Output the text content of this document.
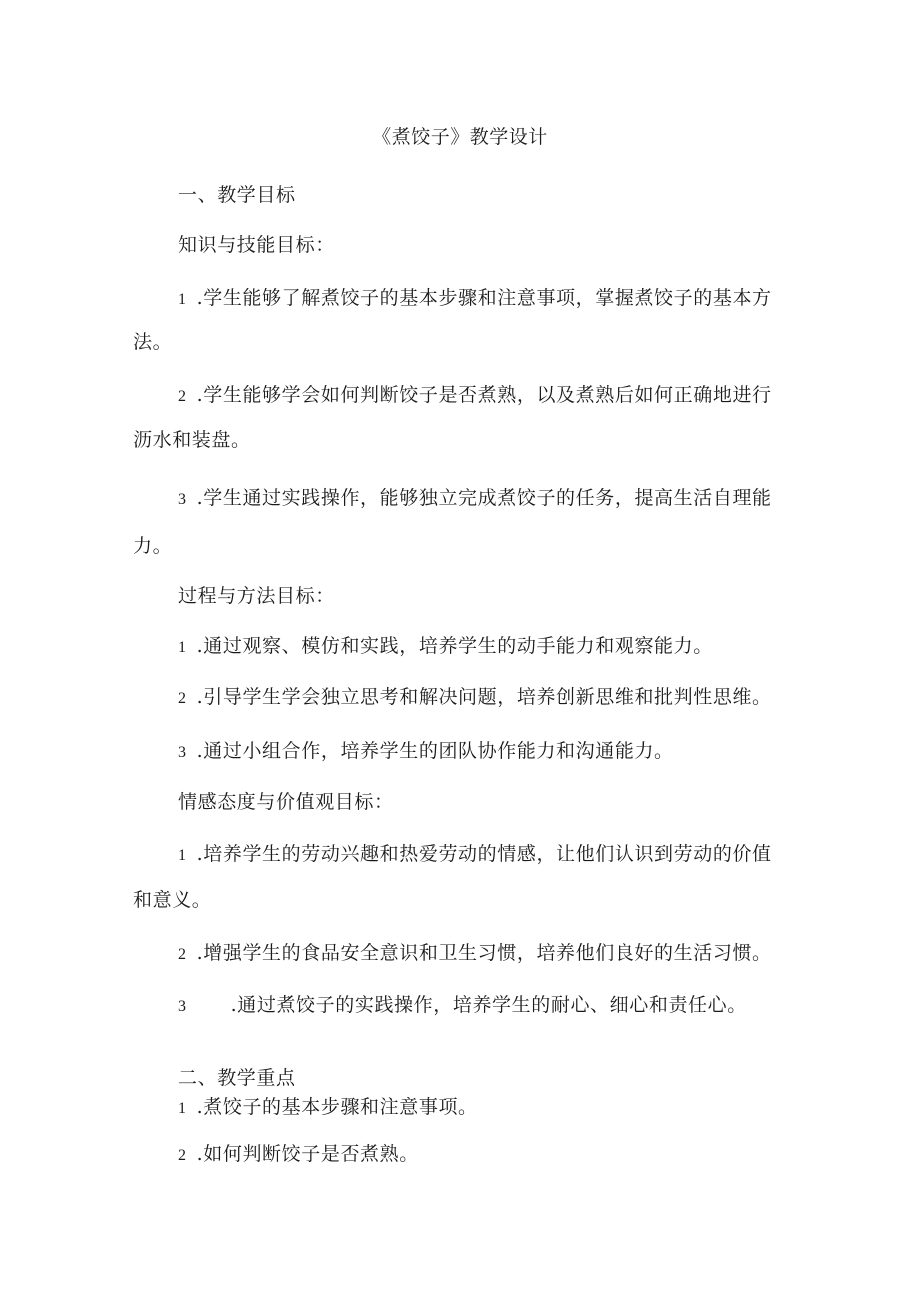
《煮饺子》教学设计
一、教学目标
知识与技能目标：
1 .学生能够了解煮饺子的基本步骤和注意事项，掌握煮饺子的基本方
法。
2 .学生能够学会如何判断饺子是否煮熟，以及煮熟后如何正确地进行
沥水和装盘。
3 .学生通过实践操作，能够独立完成煮饺子的任务，提高生活自理能
力。
过程与方法目标：
1 .通过观察、模仿和实践，培养学生的动手能力和观察能力。
2 .引导学生学会独立思考和解决问题，培养创新思维和批判性思维。
3 .通过小组合作，培养学生的团队协作能力和沟通能力。
情感态度与价值观目标：
1 .培养学生的劳动兴趣和热爱劳动的情感，让他们认识到劳动的价值
和意义。
2 .增强学生的食品安全意识和卫生习惯，培养他们良好的生活习惯。
3 .通过煮饺子的实践操作，培养学生的耐心、细心和责任心。
二、教学重点
1 .煮饺子的基本步骤和注意事项。
2 .如何判断饺子是否煮熟。
